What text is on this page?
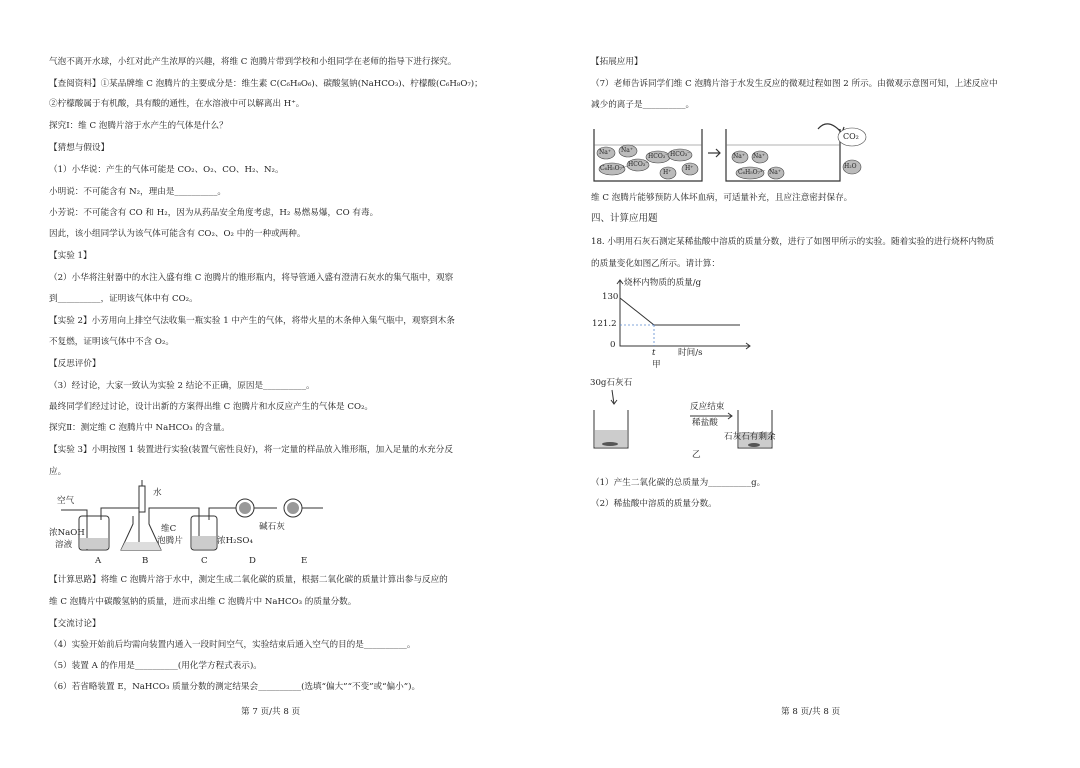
气泡不离开水球，小红对此产生浓厚的兴趣，将维 C 泡腾片带到学校和小组同学在老师的指导下进行探究。
【查阅资料】①某品牌维 C 泡腾片的主要成分是：维生素 C(C₆H₈O₆)、碳酸氢钠(NaHCO₃)、柠檬酸(C₆H₈O₇)；
②柠檬酸属于有机酸，具有酸的通性，在水溶液中可以解离出 H⁺。
探究Ⅰ：维 C 泡腾片溶于水产生的气体是什么？
【猜想与假设】
（1）小华说：产生的气体可能是 CO₂、O₂、CO、H₂、N₂。
小明说：不可能含有 N₂，理由是__________。
小芳说：不可能含有 CO 和 H₂，因为从药品安全角度考虑，H₂ 易燃易爆，CO 有毒。
因此，该小组同学认为该气体可能含有 CO₂、O₂ 中的一种或两种。
【实验 1】
（2）小华将注射器中的水注入盛有维 C 泡腾片的锥形瓶内，将导管通入盛有澄清石灰水的集气瓶中，观察
到__________，证明该气体中有 CO₂。
【实验 2】小芳用向上排空气法收集一瓶实验 1 中产生的气体，将带火星的木条伸入集气瓶中，观察到木条
不复燃，证明该气体中不含 O₂。
【反思评价】
（3）经讨论，大家一致认为实验 2 结论不正确，原因是__________。
最终同学们经过讨论，设计出新的方案得出维 C 泡腾片和水反应产生的气体是 CO₂。
探究Ⅱ：测定维 C 泡腾片中 NaHCO₃ 的含量。
【实验 3】小明按图 1 装置进行实验(装置气密性良好)，将一定量的样品放入锥形瓶，加入足量的水充分反
应。
空气
水
浓NaOH
溶液
维C
泡腾片	浓H₂SO₄
碱石灰
A	B	C	D	E
【计算思路】将维 C 泡腾片溶于水中，测定生成二氧化碳的质量，根据二氧化碳的质量计算出参与反应的
维 C 泡腾片中碳酸氢钠的质量，进而求出维 C 泡腾片中 NaHCO₃ 的质量分数。
【交流讨论】
（4）实验开始前后均需向装置内通入一段时间空气，实验结束后通入空气的目的是__________。
（5）装置 A 的作用是__________(用化学方程式表示)。
（6）若省略装置 E，NaHCO₃ 质量分数的测定结果会__________(选填“偏大”“不变”或“偏小”)。
第 7 页/共 8 页
【拓展应用】
（7）老师告诉同学们维 C 泡腾片溶于水发生反应的微观过程如图 2 所示。由微观示意图可知，上述反应中
减少的离子是__________。
Na⁺ Na⁺
C₆H₅O₇³⁻
HCO₃⁻
HCO₃⁻ HCO₃⁻
H⁺
H⁺
Na⁺ Na⁺
C₆H₅O₇³⁻ Na⁺
CO₂
H₂O
维 C 泡腾片能够预防人体坏血病，可适量补充，且应注意密封保存。
四、计算应用题
18. 小明用石灰石测定某稀盐酸中溶质的质量分数，进行了如图甲所示的实验。随着实验的进行烧杯内物质
的质量变化如图乙所示。请计算：
烧杯内物质的质量/g
130
121.2
0
t	时间/s
甲
30g石灰石
反应结束
稀盐酸
石灰石有剩余
乙
（1）产生二氧化碳的总质量为__________g。
（2）稀盐酸中溶质的质量分数。
第 8 页/共 8 页
